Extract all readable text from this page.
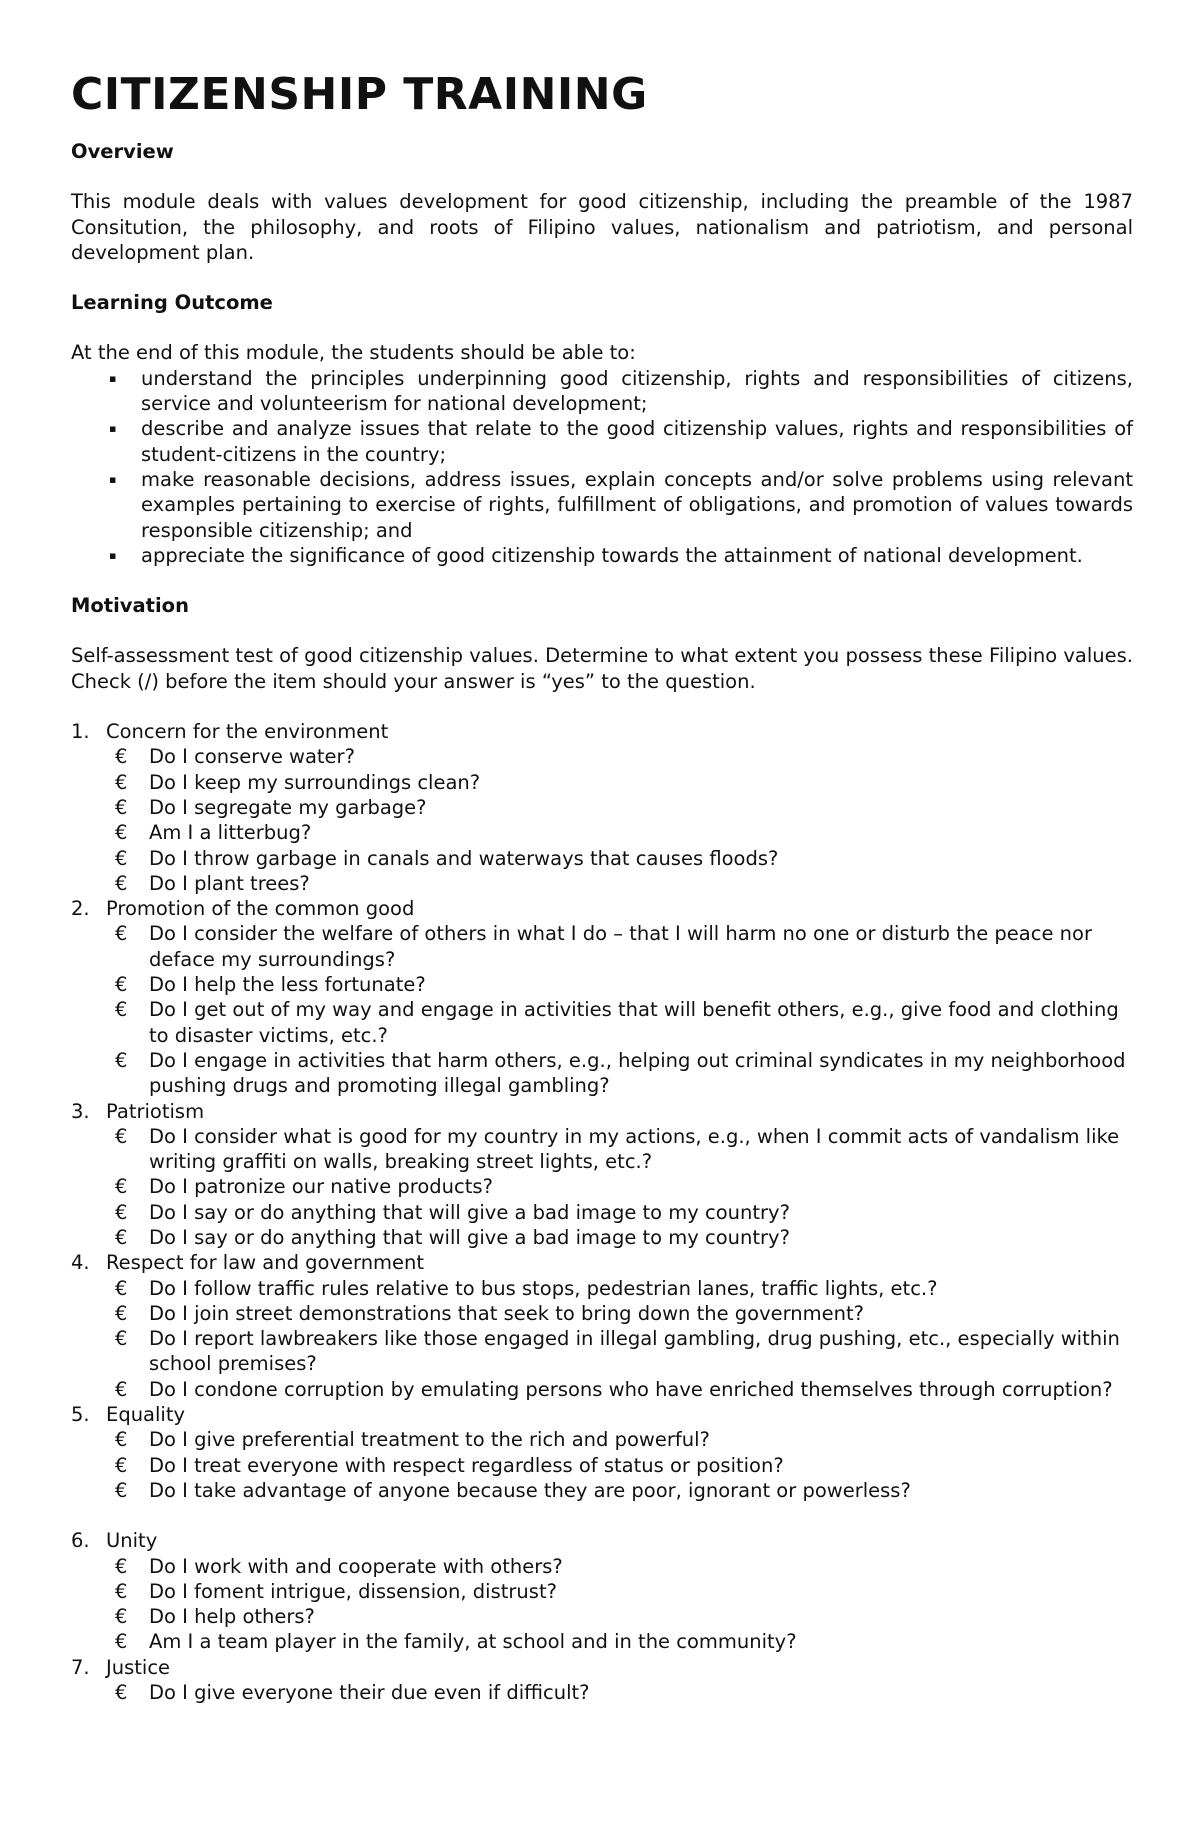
CITIZENSHIP TRAINING
Overview

This module deals with values development for good citizenship, including the preamble of the 1987 Consitution, the philosophy, and roots of Filipino values, nationalism and patriotism, and personal development plan.

Learning Outcome

At the end of this module, the students should be able to:

▪ understand the principles underpinning good citizenship, rights and responsibilities of citizens, service and volunteerism for national development;
▪ describe and analyze issues that relate to the good citizenship values, rights and responsibilities of student-citizens in the country;
▪ make reasonable decisions, address issues, explain concepts and/or solve problems using relevant examples pertaining to exercise of rights, fulfillment of obligations, and promotion of values towards responsible citizenship; and
▪ appreciate the significance of good citizenship towards the attainment of national development.
Motivation

Self-assessment test of good citizenship values. Determine to what extent you possess these Filipino values. Check (/) before the item should your answer is “yes” to the question.

1. Concern for the environment
€ Do I conserve water?
€ Do I keep my surroundings clean?
€ Do I segregate my garbage?
€ Am I a litterbug?
€ Do I throw garbage in canals and waterways that causes floods?
€ Do I plant trees?
2. Promotion of the common good
€ Do I consider the welfare of others in what I do – that I will harm no one or disturb the peace nor deface my surroundings?
€ Do I help the less fortunate?
€ Do I get out of my way and engage in activities that will benefit others, e.g., give food and clothing to disaster victims, etc.?
€ Do I engage in activities that harm others, e.g., helping out criminal syndicates in my neighborhood pushing drugs and promoting illegal gambling?
3. Patriotism
€ Do I consider what is good for my country in my actions, e.g., when I commit acts of vandalism like writing graffiti on walls, breaking street lights, etc.?
€ Do I patronize our native products?
€ Do I say or do anything that will give a bad image to my country?
€ Do I say or do anything that will give a bad image to my country?
4. Respect for law and government
€ Do I follow traffic rules relative to bus stops, pedestrian lanes, traffic lights, etc.?
€ Do I join street demonstrations that seek to bring down the government?
€ Do I report lawbreakers like those engaged in illegal gambling, drug pushing, etc., especially within school premises?
€ Do I condone corruption by emulating persons who have enriched themselves through corruption?
5. Equality
€ Do I give preferential treatment to the rich and powerful?
€ Do I treat everyone with respect regardless of status or position?
€ Do I take advantage of anyone because they are poor, ignorant or powerless?
6. Unity
€ Do I work with and cooperate with others?
€ Do I foment intrigue, dissension, distrust?
€ Do I help others?
€ Am I a team player in the family, at school and in the community?
7. Justice
€ Do I give everyone their due even if difficult?
